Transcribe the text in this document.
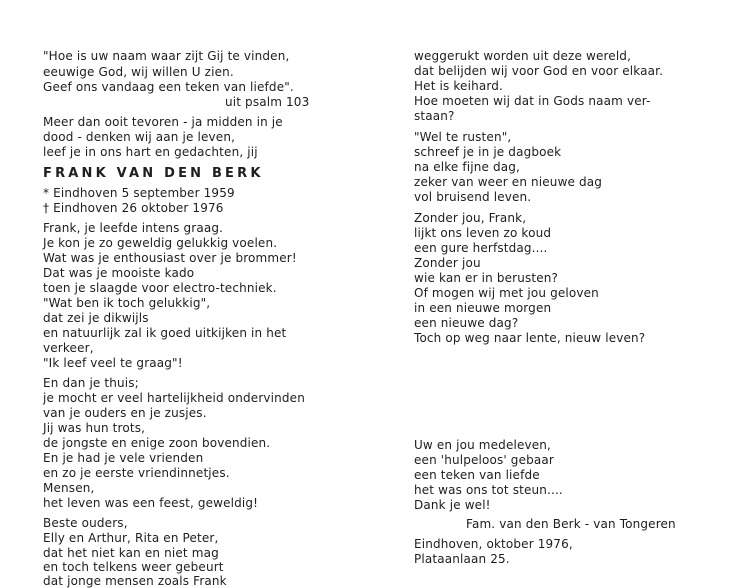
"Hoe is uw naam waar zijt Gij te vinden,
eeuwige God, wij willen U zien.
Geef ons vandaag een teken van liefde".
uit psalm 103
Meer dan ooit tevoren - ja midden in je
dood - denken wij aan je leven,
leef je in ons hart en gedachten, jij
FRANK VAN DEN BERK
* Eindhoven 5 september 1959
† Eindhoven 26 oktober 1976
Frank, je leefde intens graag.
Je kon je zo geweldig gelukkig voelen.
Wat was je enthousiast over je brommer!
Dat was je mooiste kado
toen je slaagde voor electro-techniek.
"Wat ben ik toch gelukkig",
dat zei je dikwijls
en natuurlijk zal ik goed uitkijken in het
verkeer,
"Ik leef veel te graag"!
En dan je thuis;
je mocht er veel hartelijkheid ondervinden
van je ouders en je zusjes.
Jij was hun trots,
de jongste en enige zoon bovendien.
En je had je vele vrienden
en zo je eerste vriendinnetjes.
Mensen,
het leven was een feest, geweldig!
Beste ouders,
Elly en Arthur, Rita en Peter,
dat het niet kan en niet mag
en toch telkens weer gebeurt
dat jonge mensen zoals Frank
weggerukt worden uit deze wereld,
dat belijden wij voor God en voor elkaar.
Het is keihard.
Hoe moeten wij dat in Gods naam ver-
staan?
"Wel te rusten",
schreef je in je dagboek
na elke fijne dag,
zeker van weer en nieuwe dag
vol bruisend leven.
Zonder jou, Frank,
lijkt ons leven zo koud
een gure herfstdag....
Zonder jou
wie kan er in berusten?
Of mogen wij met jou geloven
in een nieuwe morgen
een nieuwe dag?
Toch op weg naar lente, nieuw leven?
Uw en jou medeleven,
een 'hulpeloos' gebaar
een teken van liefde
het was ons tot steun....
Dank je wel!
Fam. van den Berk - van Tongeren
Eindhoven, oktober 1976,
Plataanlaan 25.
